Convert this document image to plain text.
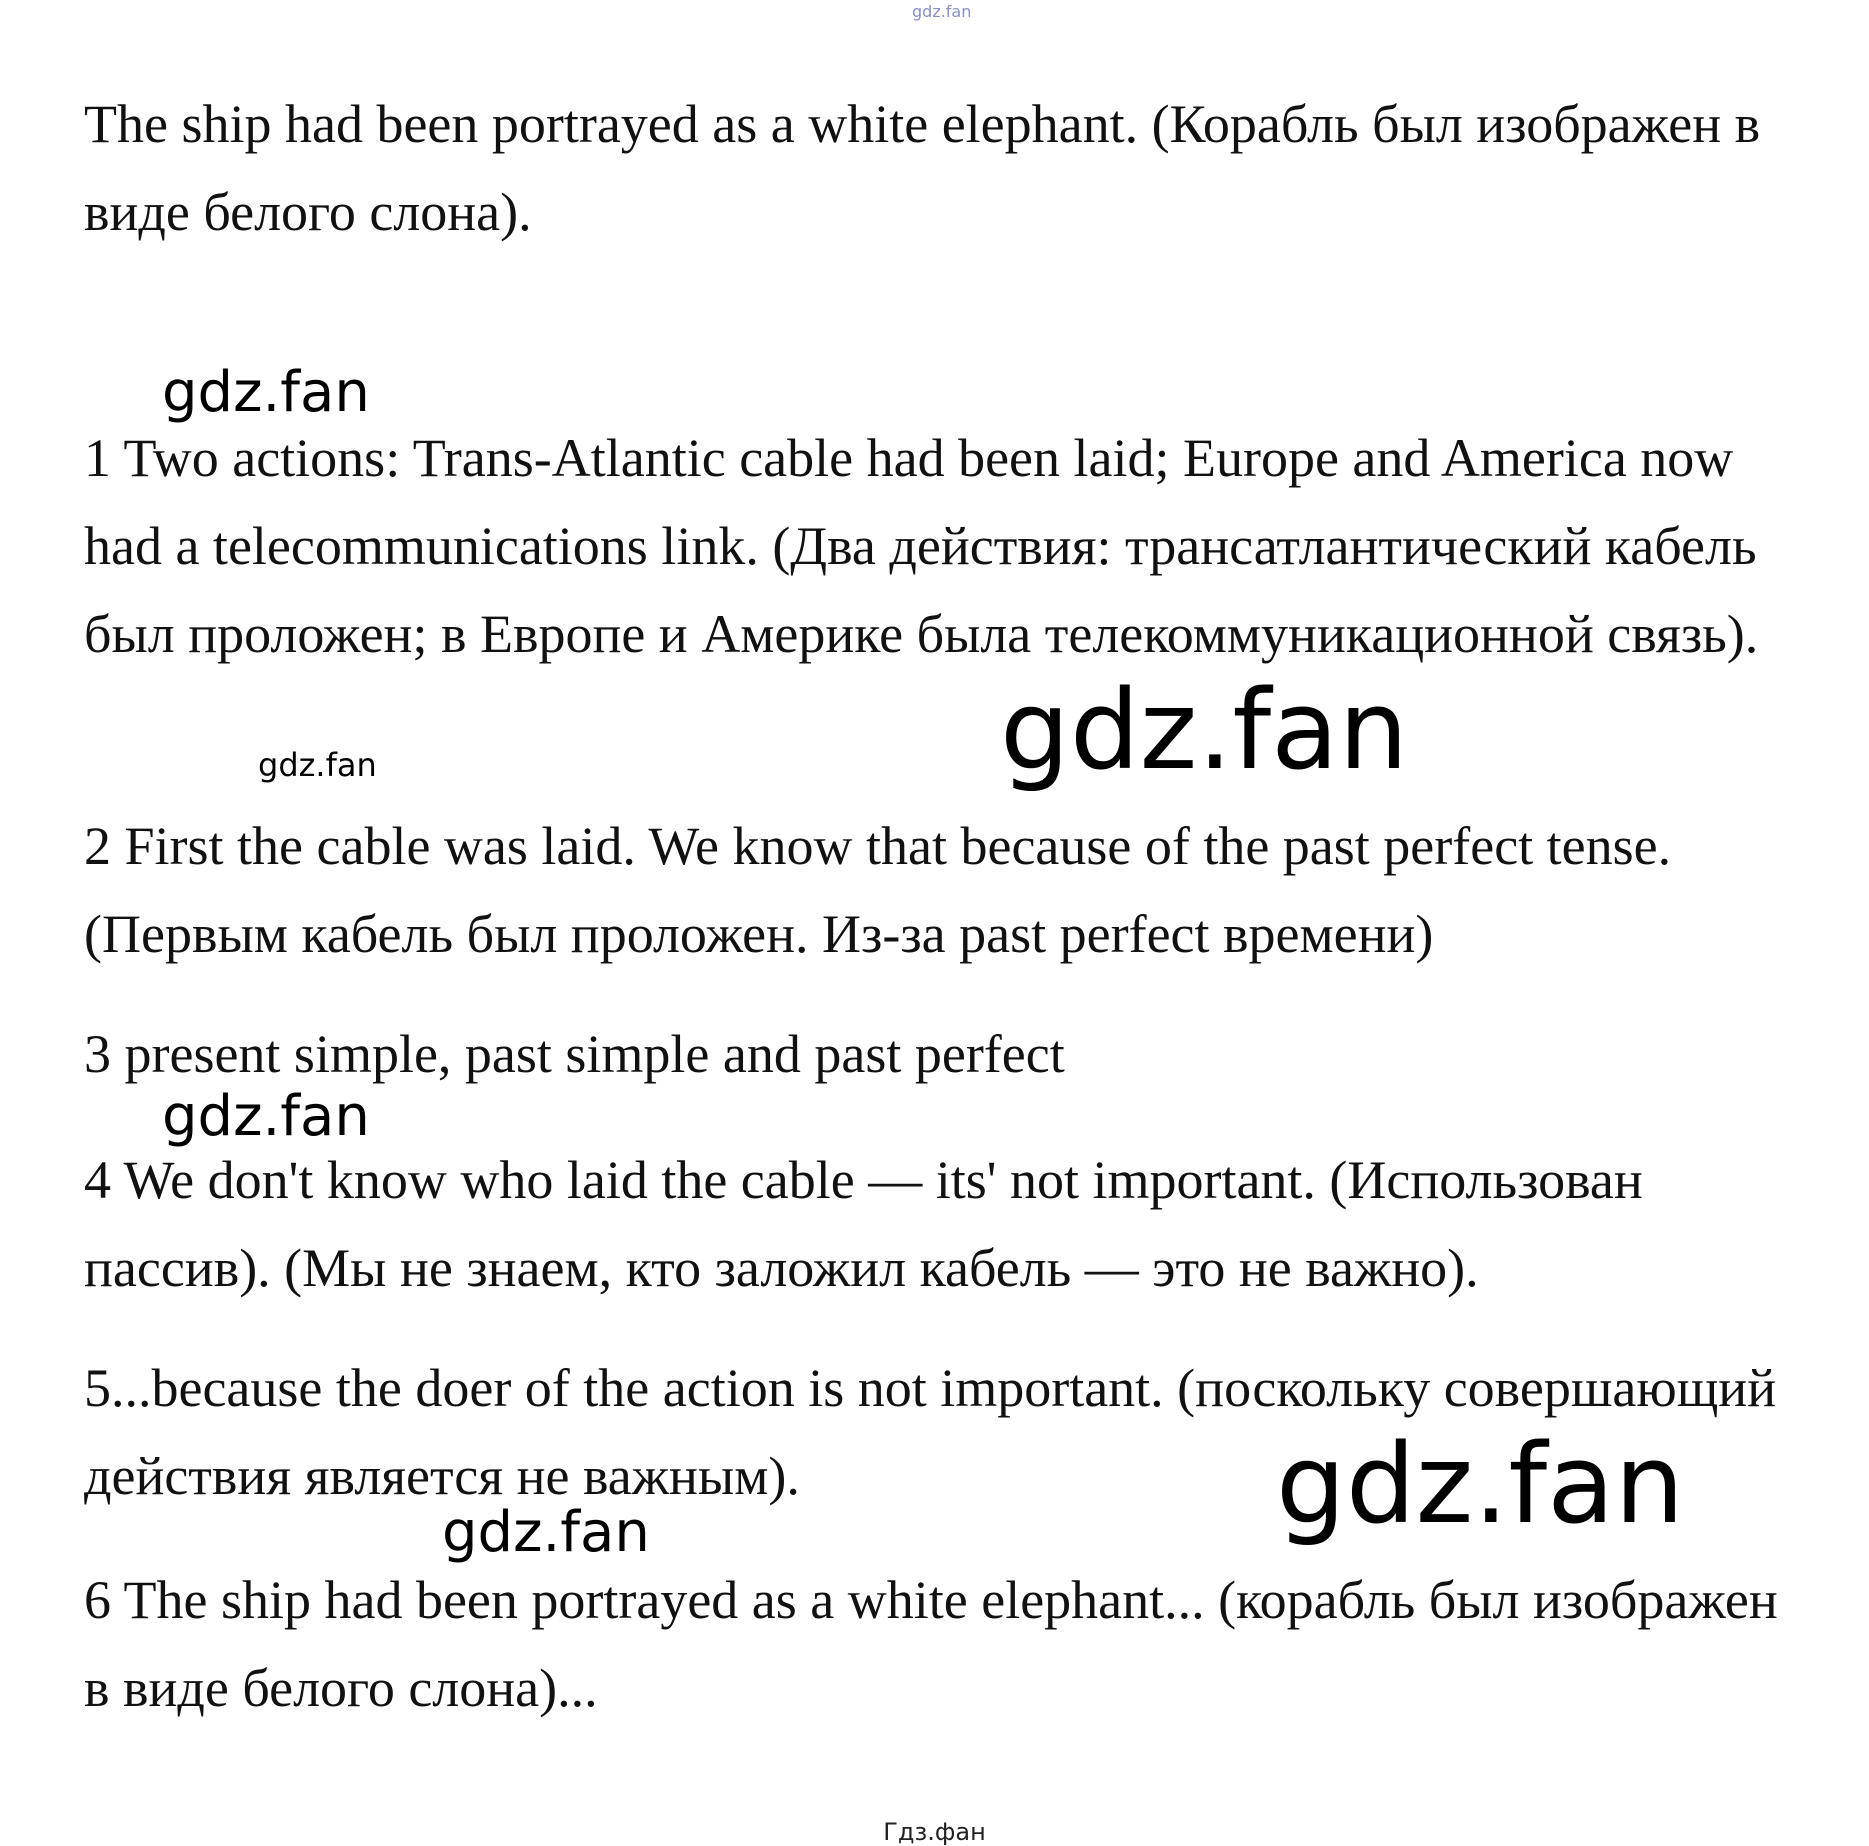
gdz.fan

The ship had been portrayed as a white elephant. (Корабль был изображен в виде белого слона).

gdz.fan

1 Two actions: Trans-Atlantic cable had been laid; Europe and America now had a telecommunications link. (Два действия: трансатлантический кабель был проложен; в Европе и Америке была телекоммуникационной связь).

gdz.fan
gdz.fan

2 First the cable was laid. We know that because of the past perfect tense. (Первым кабель был проложен. Из-за past perfect времени)

3 present simple, past simple and past perfect

gdz.fan

4 We don't know who laid the cable — its' not important. (Использован пассив). (Мы не знаем, кто заложил кабель — это не важно).

5...because the doer of the action is not important. (поскольку совершающий действия является не важным).	gdz.fan
gdz.fan

6 The ship had been portrayed as a white elephant... (корабль был изображен в виде белого слона)...

Гдз.фан
